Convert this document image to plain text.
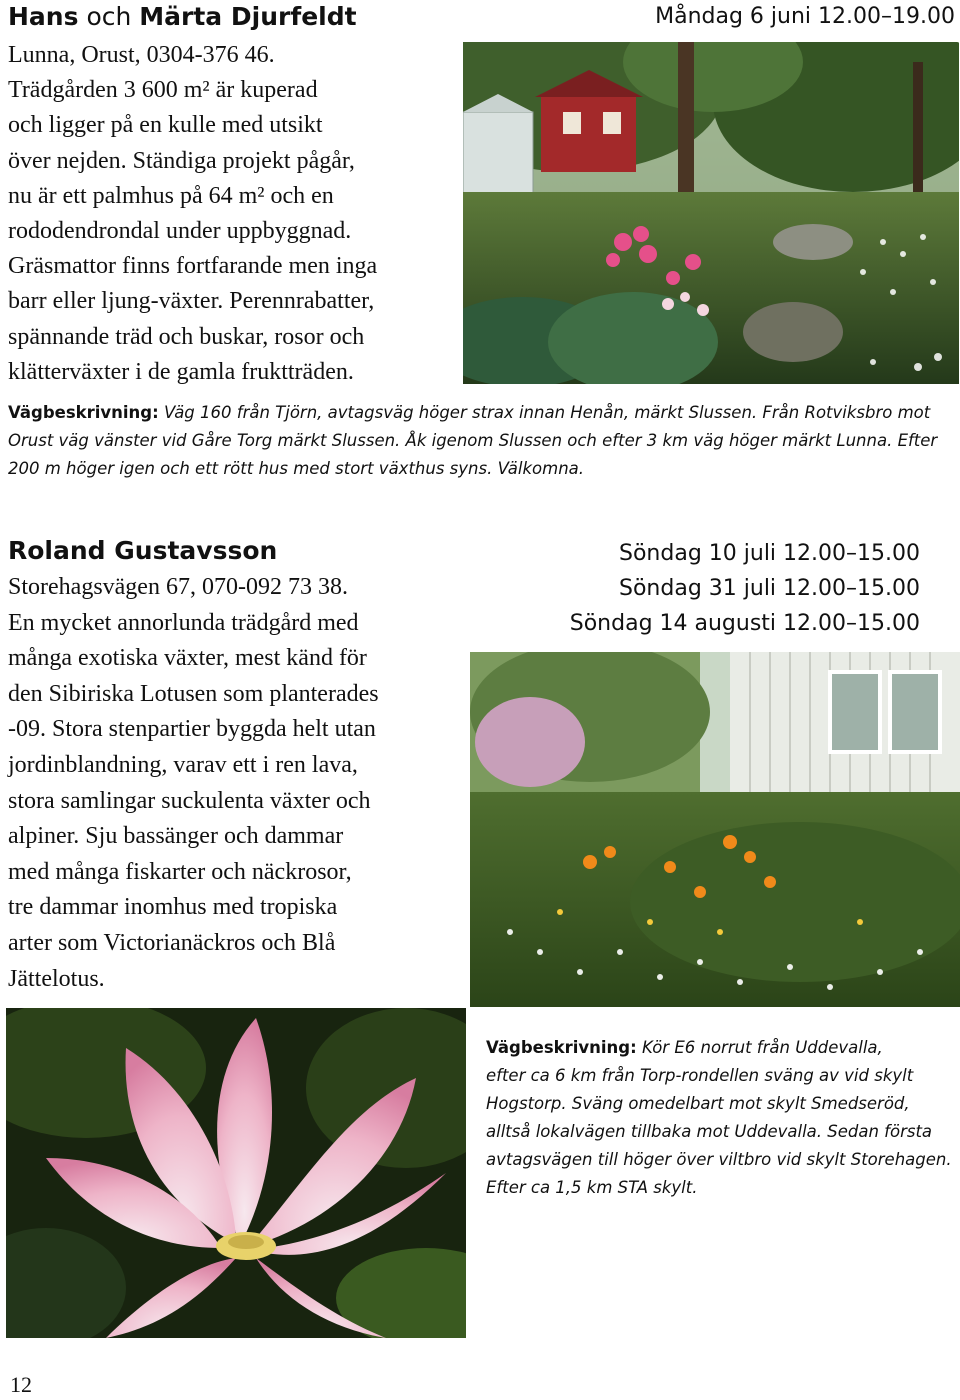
Hans och Märta Djurfeldt	Måndag 6 juni 12.00–19.00
Lunna, Orust, 0304-376 46.
Trädgården 3 600 m² är kuperad
och ligger på en kulle med utsikt
över nejden. Ständiga projekt pågår,
nu är ett palmhus på 64 m² och en
rododendrondal under uppbyggnad.
Gräsmattor finns fortfarande men inga
barr eller ljung-växter. Perennrabatter,
spännande träd och buskar, rosor och
klätterväxter i de gamla fruktträden.
Vägbeskrivning: Väg 160 från Tjörn, avtagsväg höger strax innan Henån, märkt Slussen. Från Rotviksbro mot Orust väg vänster vid Gåre Torg märkt Slussen. Åk igenom Slussen och efter 3 km väg höger märkt Lunna. Efter 200 m höger igen och ett rött hus med stort växthus syns. Välkomna.
Roland Gustavsson	Söndag 10 juli 12.00–15.00
Söndag 31 juli 12.00–15.00
Söndag 14 augusti 12.00–15.00
Storehagsvägen 67, 070-092 73 38.
En mycket annorlunda trädgård med
många exotiska växter, mest känd för
den Sibiriska Lotusen som planterades
-09. Stora stenpartier byggda helt utan
jordinblandning, varav ett i ren lava,
stora samlingar suckulenta växter och
alpiner. Sju bassänger och dammar
med många fiskarter och näckrosor,
tre dammar inomhus med tropiska
arter som Victorianäckros och Blå
Jättelotus.
Vägbeskrivning: Kör E6 norrut från Uddevalla,
efter ca 6 km från Torp-rondellen sväng av vid skylt
Hogstorp. Sväng omedelbart mot skylt Smedseröd,
alltså lokalvägen tillbaka mot Uddevalla. Sedan första
avtagsvägen till höger över viltbro vid skylt Storehagen.
Efter ca 1,5 km STA skylt.
12
